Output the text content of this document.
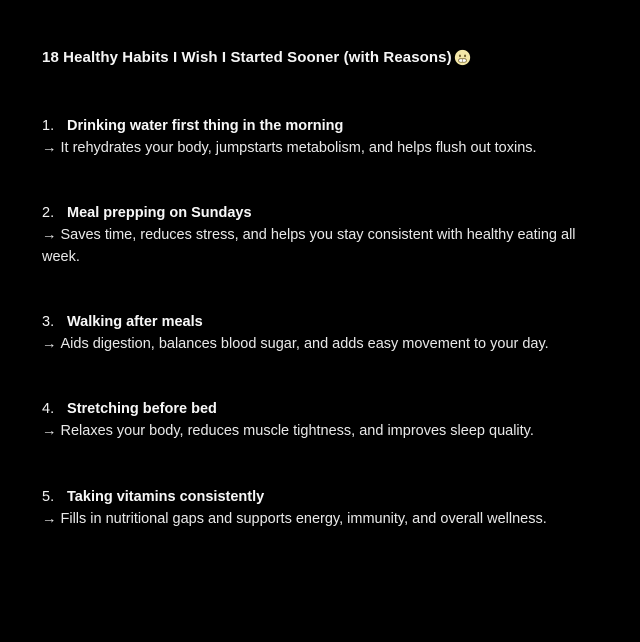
18 Healthy Habits I Wish I Started Sooner (with Reasons)
1. Drinking water first thing in the morning
→ It rehydrates your body, jumpstarts metabolism, and helps flush out toxins.
2. Meal prepping on Sundays
→ Saves time, reduces stress, and helps you stay consistent with healthy eating all week.
3. Walking after meals
→ Aids digestion, balances blood sugar, and adds easy movement to your day.
4. Stretching before bed
→ Relaxes your body, reduces muscle tightness, and improves sleep quality.
5. Taking vitamins consistently
→ Fills in nutritional gaps and supports energy, immunity, and overall wellness.
